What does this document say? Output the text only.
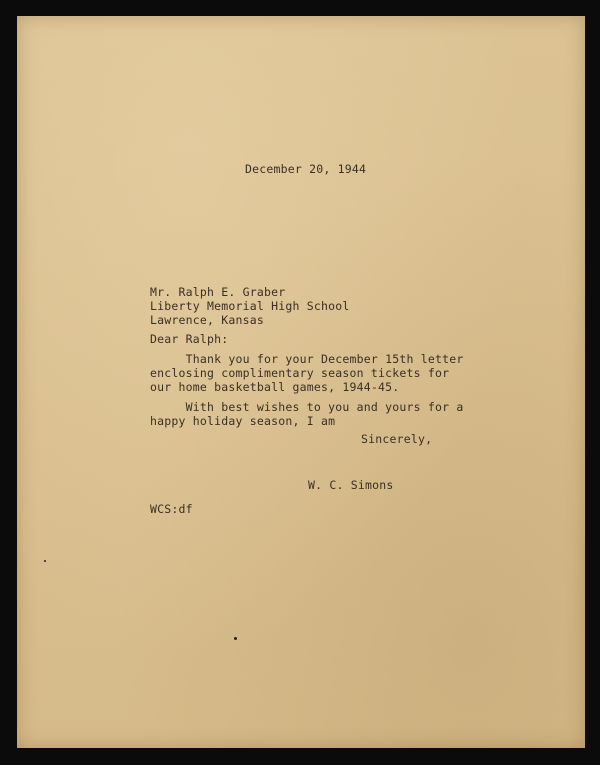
December 20, 1944
Mr. Ralph E. Graber
Liberty Memorial High School
Lawrence, Kansas
Dear Ralph:
Thank you for your December 15th letter
enclosing complimentary season tickets for
our home basketball games, 1944-45.
With best wishes to you and yours for a
happy holiday season, I am
Sincerely,
W. C. Simons
WCS:df
